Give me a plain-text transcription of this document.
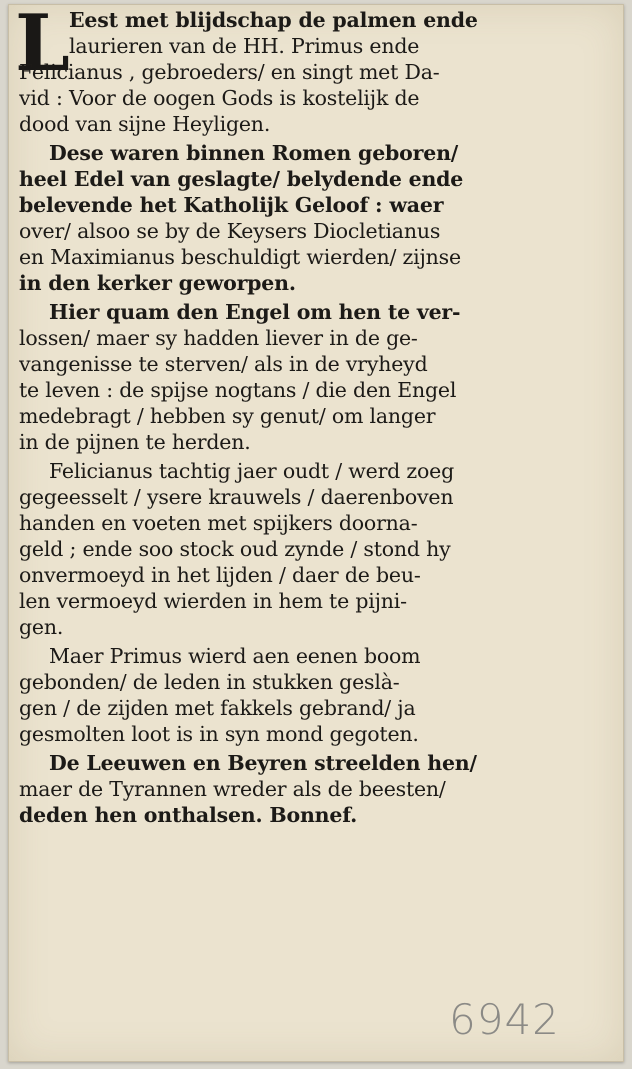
L Eest met blijdschap de palmen ende
laurieren van de HH. Primus ende
Felicianus , gebroeders/ en singt met Da-
vid : Voor de oogen Gods is kostelijk de
dood van sijne Heyligen.
Dese waren binnen Romen geboren/
heel Edel van geslagte/ belydende ende
belevende het Katholijk Geloof : waer
over/ alsoo se by de Keysers Diocletianus
en Maximianus beschuldigt wierden/ zijnse
in den kerker geworpen.
Hier quam den Engel om hen te ver-
lossen/ maer sy hadden liever in de ge-
vangenisse te sterven/ als in de vryheyd
te leven : de spijse nogtans / die den Engel
medebragt / hebben sy genut/ om langer
in de pijnen te herden.
Felicianus tachtig jaer oudt / werd zoeg
gegeesselt / ysere krauwels / daerenboven
handen en voeten met spijkers doorna-
geld ; ende soo stock oud zynde / stond hy
onvermoeyd in het lijden / daer de beu-
len vermoeyd wierden in hem te pijni-
gen.
Maer Primus wierd aen eenen boom
gebonden/ de leden in stukken geslà-
gen / de zijden met fakkels gebrand/ ja
gesmolten loot is in syn mond gegoten.
De Leeuwen en Beyren streelden hen/
maer de Tyrannen wreder als de beesten/
deden hen onthalsen. Bonnef.
6942
